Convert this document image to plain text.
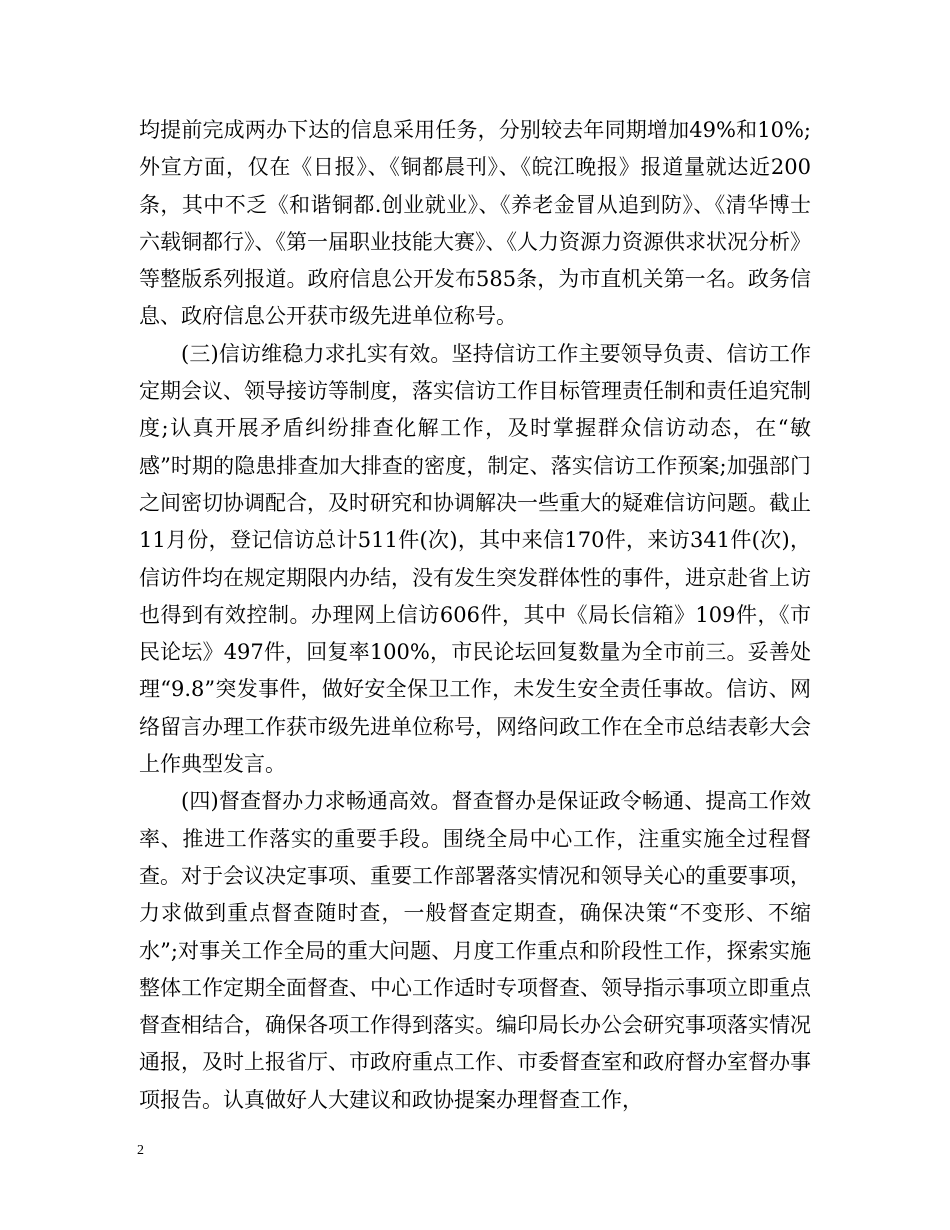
均提前完成两办下达的信息采用任务，分别较去年同期增加49%和10%;外宣方面，仅在《日报》、《铜都晨刊》、《皖江晚报》报道量就达近200条，其中不乏《和谐铜都.创业就业》、《养老金冒从追到防》、《清华博士六载铜都行》、《第一届职业技能大赛》、《人力资源力资源供求状况分析》等整版系列报道。政府信息公开发布585条，为市直机关第一名。政务信息、政府信息公开获市级先进单位称号。

(三)信访维稳力求扎实有效。坚持信访工作主要领导负责、信访工作定期会议、领导接访等制度，落实信访工作目标管理责任制和责任追究制度;认真开展矛盾纠纷排查化解工作，及时掌握群众信访动态，在“敏感”时期的隐患排查加大排查的密度，制定、落实信访工作预案;加强部门之间密切协调配合，及时研究和协调解决一些重大的疑难信访问题。截止11月份，登记信访总计511件(次)，其中来信170件，来访341件(次)，信访件均在规定期限内办结，没有发生突发群体性的事件，进京赴省上访也得到有效控制。办理网上信访606件，其中《局长信箱》109件，《市民论坛》497件，回复率100%，市民论坛回复数量为全市前三。妥善处理“9.8”突发事件，做好安全保卫工作，未发生安全责任事故。信访、网络留言办理工作获市级先进单位称号，网络问政工作在全市总结表彰大会上作典型发言。

(四)督查督办力求畅通高效。督查督办是保证政令畅通、提高工作效率、推进工作落实的重要手段。围绕全局中心工作，注重实施全过程督查。对于会议决定事项、重要工作部署落实情况和领导关心的重要事项，力求做到重点督查随时查，一般督查定期查，确保决策“不变形、不缩水”;对事关工作全局的重大问题、月度工作重点和阶段性工作，探索实施整体工作定期全面督查、中心工作适时专项督查、领导指示事项立即重点督查相结合，确保各项工作得到落实。编印局长办公会研究事项落实情况通报，及时上报省厅、市政府重点工作、市委督查室和政府督办室督办事项报告。认真做好人大建议和政协提案办理督查工作，

2
